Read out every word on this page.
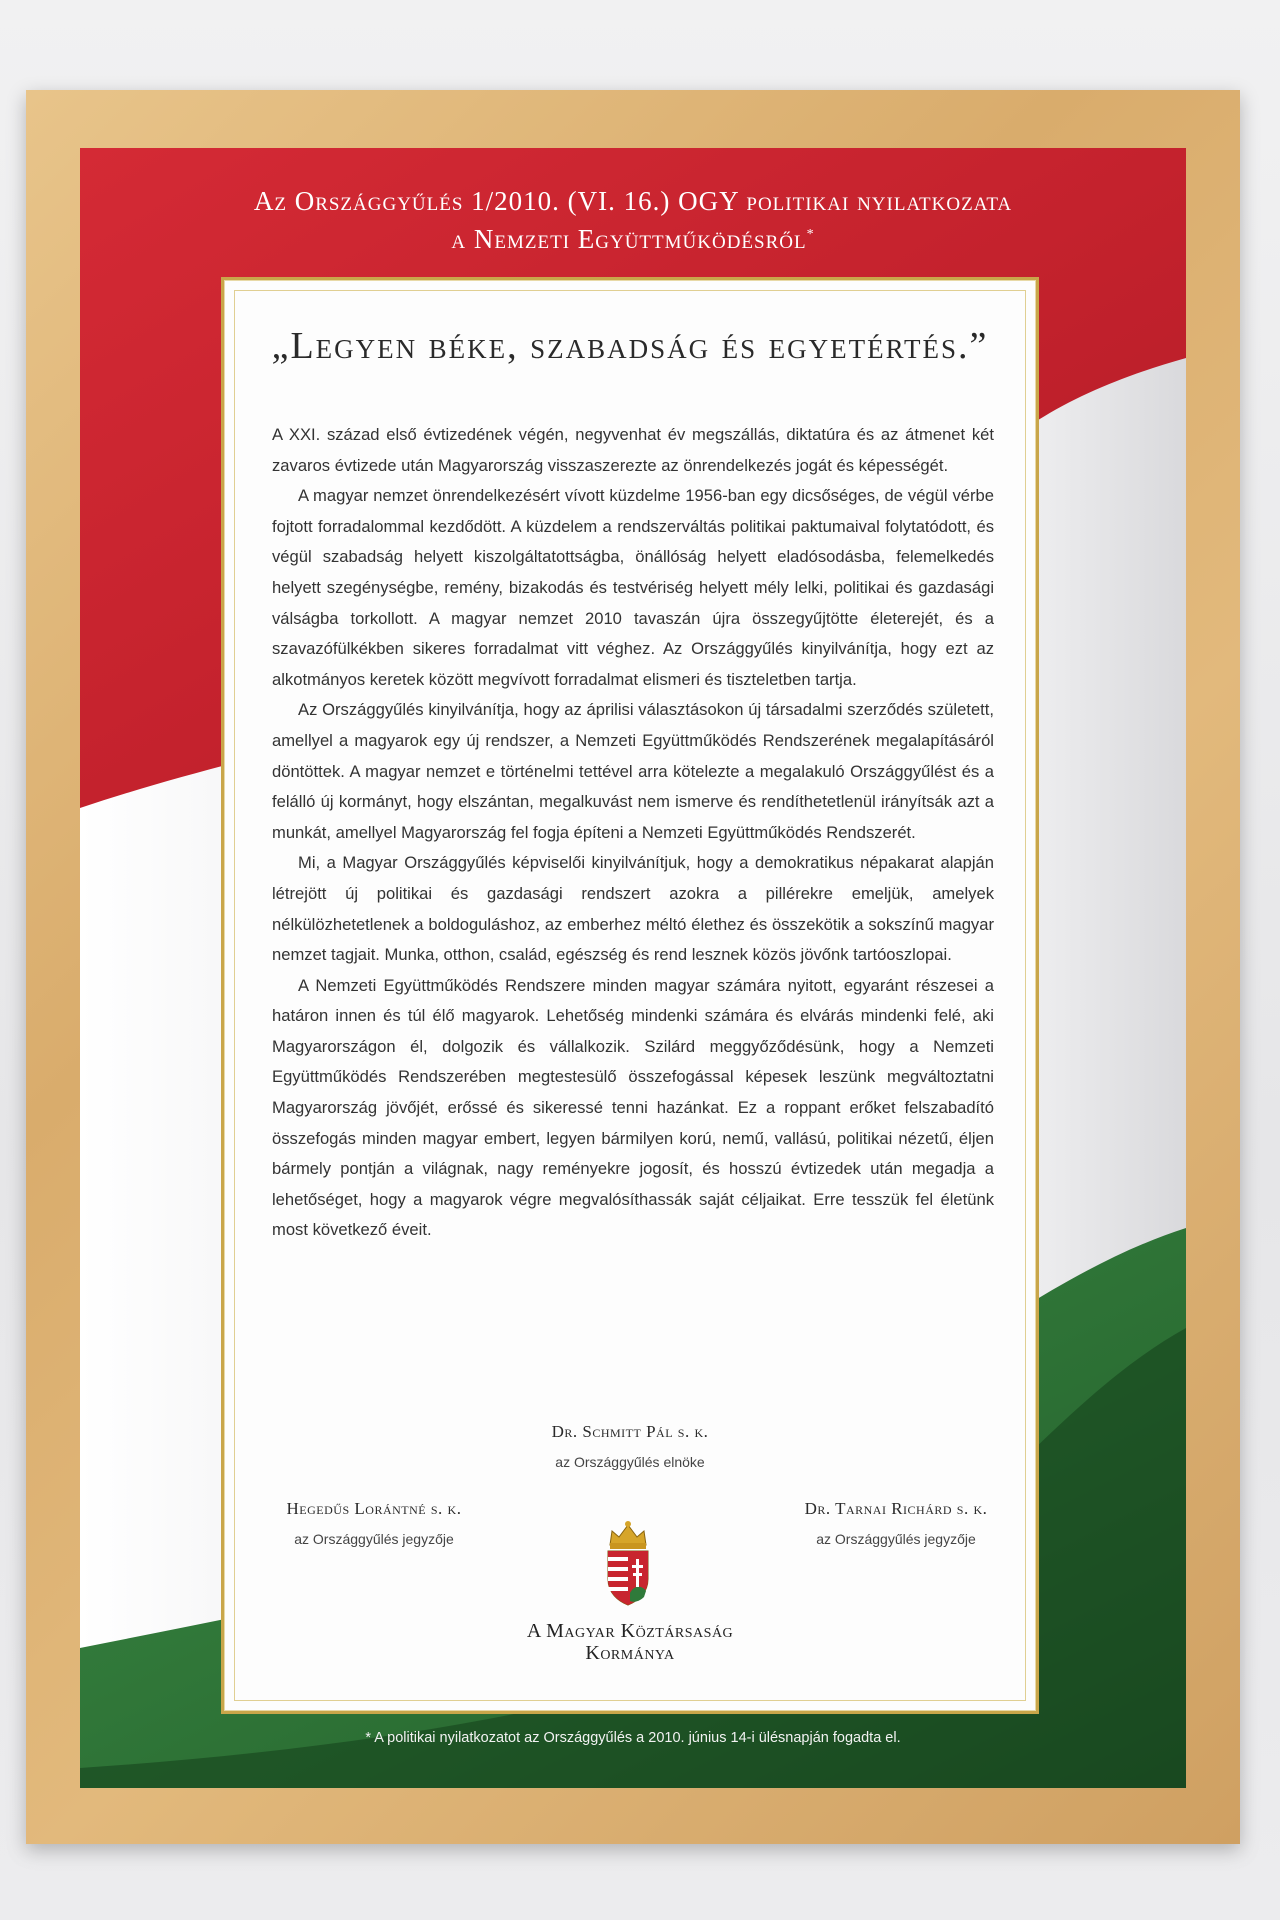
Az Országgyűlés 1/2010. (VI. 16.) OGY politikai nyilatkozata
a Nemzeti Együttműködésről*
„Legyen béke, szabadság és egyetértés.”

A XXI. század első évtizedének végén, negyvenhat év megszállás, diktatúra és az átmenet két zavaros évtizede után Magyarország visszaszerezte az önrendelkezés jogát és képességét.

A magyar nemzet önrendelkezésért vívott küzdelme 1956-ban egy dicsőséges, de végül vérbe fojtott forradalommal kezdődött. A küzdelem a rendszerváltás politikai paktumaival folytatódott, és végül szabadság helyett kiszolgáltatottságba, önállóság helyett eladósodásba, felemelkedés helyett szegénységbe, remény, bizakodás és testvériség helyett mély lelki, politikai és gazdasági válságba torkollott. A magyar nemzet 2010 tavaszán újra összegyűjtötte életerejét, és a szavazófülkékben sikeres forradalmat vitt véghez. Az Országgyűlés kinyilvánítja, hogy ezt az alkotmányos keretek között megvívott forradalmat elismeri és tiszteletben tartja.

Az Országgyűlés kinyilvánítja, hogy az áprilisi választásokon új társadalmi szerződés született, amellyel a magyarok egy új rendszer, a Nemzeti Együttműködés Rendszerének megalapításáról döntöttek. A magyar nemzet e történelmi tettével arra kötelezte a megalakuló Országgyűlést és a felálló új kormányt, hogy elszántan, megalkuvást nem ismerve és rendíthetetlenül irányítsák azt a munkát, amellyel Magyarország fel fogja építeni a Nemzeti Együttműködés Rendszerét.

Mi, a Magyar Országgyűlés képviselői kinyilvánítjuk, hogy a demokratikus népakarat alapján létrejött új politikai és gazdasági rendszert azokra a pillérekre emeljük, amelyek nélkülözhetetlenek a boldoguláshoz, az emberhez méltó élethez és összekötik a sokszínű magyar nemzet tagjait. Munka, otthon, család, egészség és rend lesznek közös jövőnk tartóoszlopai.

A Nemzeti Együttműködés Rendszere minden magyar számára nyitott, egyaránt részesei a határon innen és túl élő magyarok. Lehetőség mindenki számára és elvárás mindenki felé, aki Magyarországon él, dolgozik és vállalkozik. Szilárd meggyőződésünk, hogy a Nemzeti Együttműködés Rendszerében megtestesülő összefogással képesek leszünk megváltoztatni Magyarország jövőjét, erőssé és sikeressé tenni hazánkat. Ez a roppant erőket felszabadító összefogás minden magyar embert, legyen bármilyen korú, nemű, vallású, politikai nézetű, éljen bármely pontján a világnak, nagy reményekre jogosít, és hosszú évtizedek után megadja a lehetőséget, hogy a magyarok végre megvalósíthassák saját céljaikat. Erre tesszük fel életünk most következő éveit.

Dr. Schmitt Pál s. k.
az Országgyűlés elnöke
Hegedűs Lorántné s. k.
az Országgyűlés jegyzője
Dr. Tarnai Richárd s. k.
az Országgyűlés jegyzője
A Magyar Köztársaság
Kormánya
* A politikai nyilatkozatot az Országgyűlés a 2010. június 14-i ülésnapján fogadta el.
